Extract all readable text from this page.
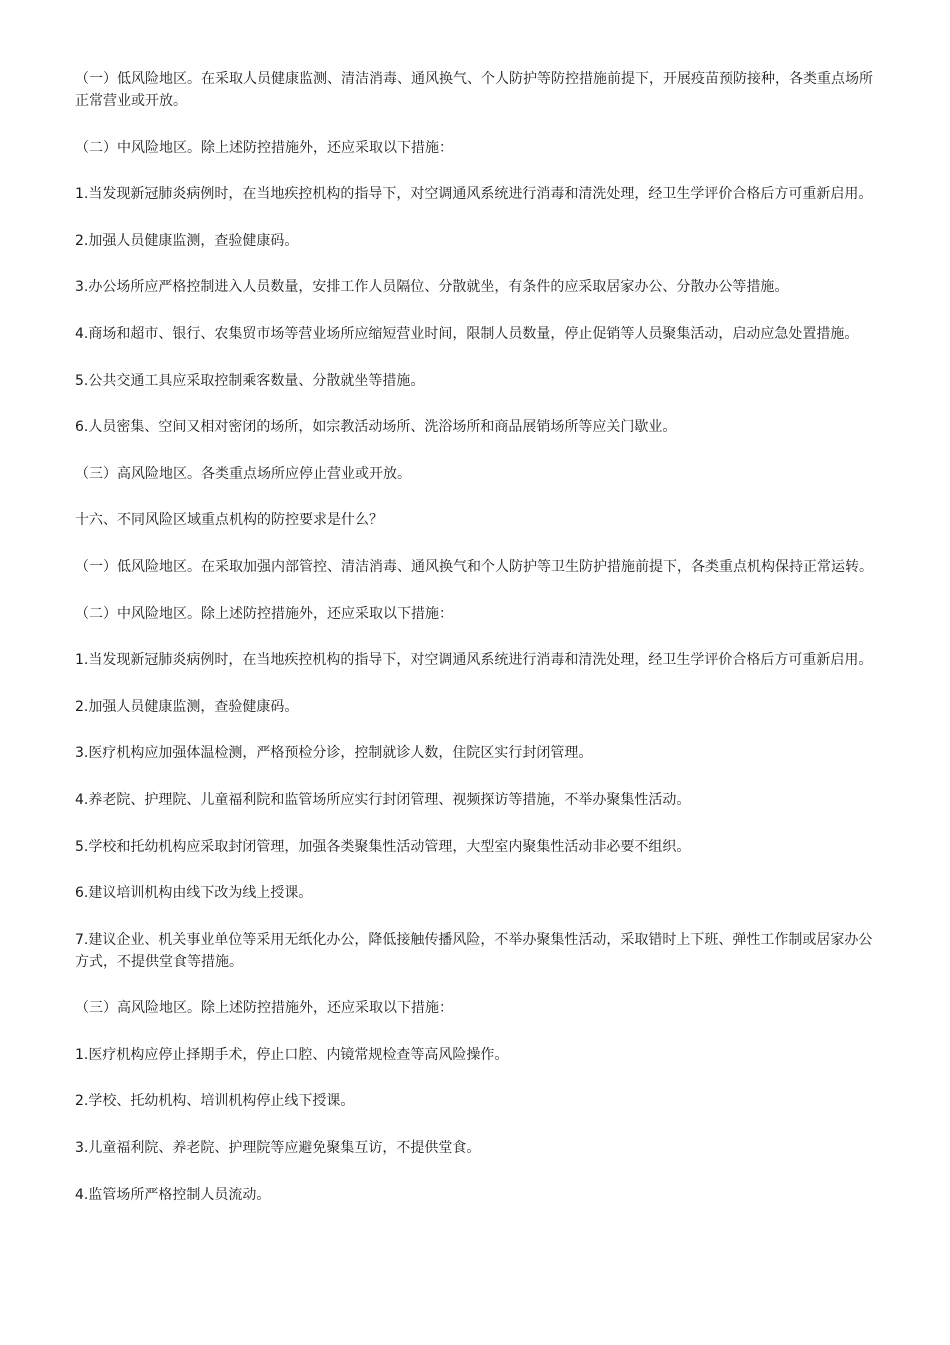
（一）低风险地区。在采取人员健康监测、清洁消毒、通风换气、个人防护等防控措施前提下，开展疫苗预防接种，各类重点场所正常营业或开放。

（二）中风险地区。除上述防控措施外，还应采取以下措施：

1.当发现新冠肺炎病例时，在当地疾控机构的指导下，对空调通风系统进行消毒和清洗处理，经卫生学评价合格后方可重新启用。

2.加强人员健康监测，查验健康码。

3.办公场所应严格控制进入人员数量，安排工作人员隔位、分散就坐，有条件的应采取居家办公、分散办公等措施。

4.商场和超市、银行、农集贸市场等营业场所应缩短营业时间，限制人员数量，停止促销等人员聚集活动，启动应急处置措施。

5.公共交通工具应采取控制乘客数量、分散就坐等措施。

6.人员密集、空间又相对密闭的场所，如宗教活动场所、洗浴场所和商品展销场所等应关门歇业。

（三）高风险地区。各类重点场所应停止营业或开放。

十六、不同风险区域重点机构的防控要求是什么？

（一）低风险地区。在采取加强内部管控、清洁消毒、通风换气和个人防护等卫生防护措施前提下，各类重点机构保持正常运转。

（二）中风险地区。除上述防控措施外，还应采取以下措施：

1.当发现新冠肺炎病例时，在当地疾控机构的指导下，对空调通风系统进行消毒和清洗处理，经卫生学评价合格后方可重新启用。

2.加强人员健康监测，查验健康码。

3.医疗机构应加强体温检测，严格预检分诊，控制就诊人数，住院区实行封闭管理。

4.养老院、护理院、儿童福利院和监管场所应实行封闭管理、视频探访等措施，不举办聚集性活动。

5.学校和托幼机构应采取封闭管理，加强各类聚集性活动管理，大型室内聚集性活动非必要不组织。

6.建议培训机构由线下改为线上授课。

7.建议企业、机关事业单位等采用无纸化办公，降低接触传播风险，不举办聚集性活动，采取错时上下班、弹性工作制或居家办公方式，不提供堂食等措施。

（三）高风险地区。除上述防控措施外，还应采取以下措施：

1.医疗机构应停止择期手术，停止口腔、内镜常规检查等高风险操作。

2.学校、托幼机构、培训机构停止线下授课。

3.儿童福利院、养老院、护理院等应避免聚集互访，不提供堂食。

4.监管场所严格控制人员流动。
